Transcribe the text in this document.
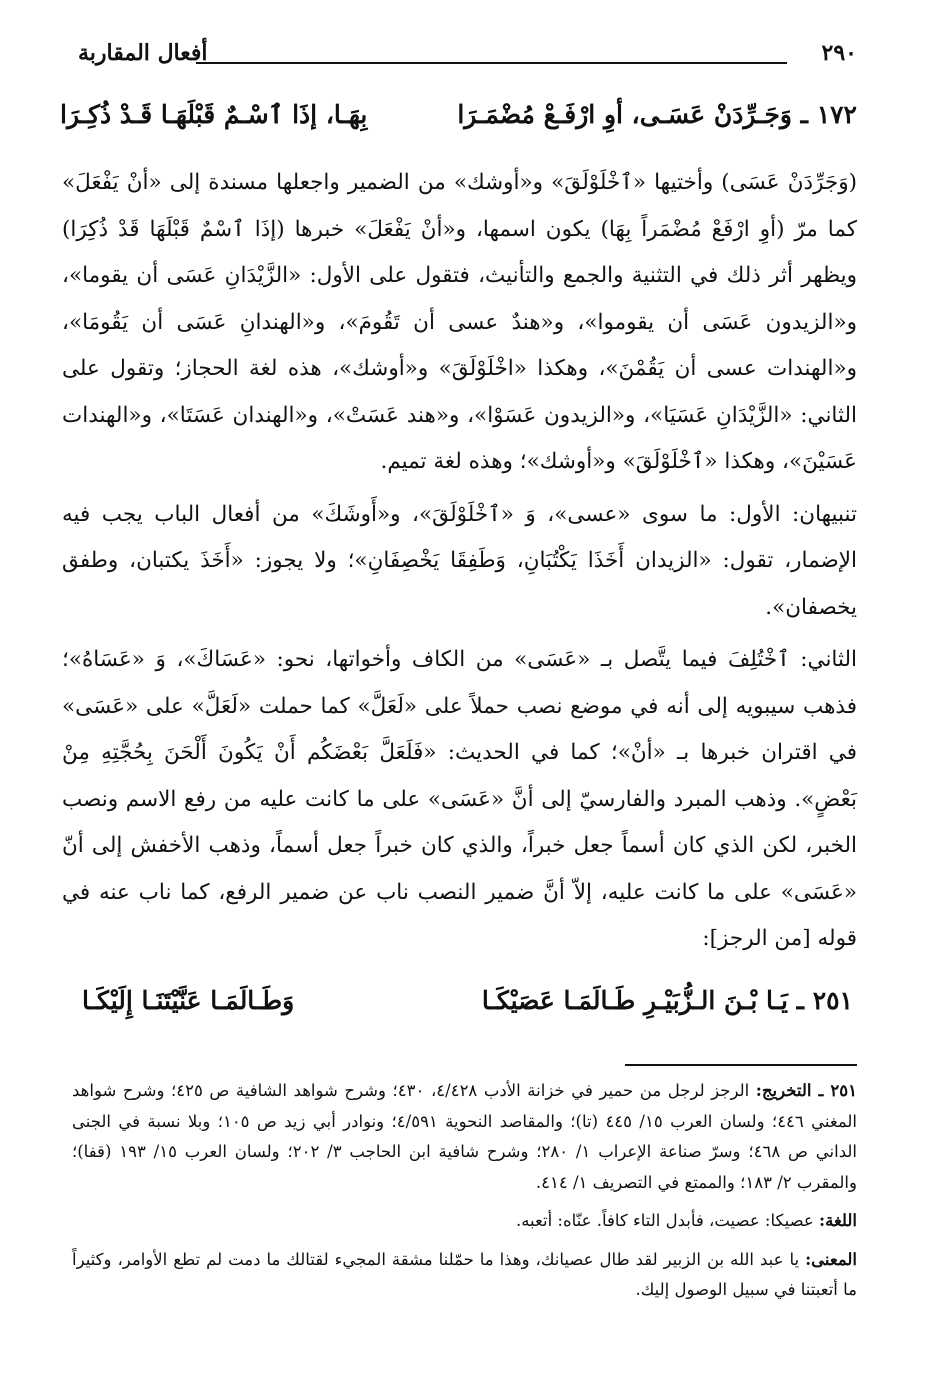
٢٩٠
أفعال المقاربة
١٧٢ ـ وَجَـرِّدَنْ عَسَـى، أوِ ارْفَـعْ مُضْمَـرَا
بِهَـا، إذَا ٱسْـمٌ قَبْلَهَـا قَـدْ ذُكِـرَا

(وَجَرِّدَنْ عَسَى) وأختيها «ٱخْلَوْلَقَ» و«أوشك» من الضمير واجعلها مسندة إلى «أنْ يَفْعَلَ» كما مرّ (أوِ ارْفَعْ مُضْمَراً بِهَا) يكون اسمها، و«أنْ يَفْعَلَ» خبرها (إذَا ٱسْمٌ قَبْلَهَا قَدْ ذُكِرَا) ويظهر أثر ذلك في التثنية والجمع والتأنيث، فتقول على الأول: «الزَّيْدَانِ عَسَى أن يقوما»، و«الزيدون عَسَى أن يقوموا»، و«هندٌ عسى أن تَقُومَ»، و«الهندانِ عَسَى أن يَقُومَا»، و«الهندات عسى أن يَقُمْنَ»، وهكذا «اخْلَوْلَقَ» و«أوشك»، هذه لغة الحجاز؛ وتقول على الثاني: «الزَّيْدَانِ عَسَيَا»، و«الزيدون عَسَوْا»، و«هند عَسَتْ»، و«الهندان عَسَتَا»، و«الهندات عَسَيْنَ»، وهكذا «ٱخْلَوْلَقَ» و«أوشك»؛ وهذه لغة تميم.

تنبيهان: الأول: ما سوى «عسى»، وَ «ٱخْلَوْلَقَ»، و«أَوشَكَ» من أفعال الباب يجب فيه الإضمار، تقول: «الزيدان أَخَذَا يَكْتُبَانِ، وَطَفِقَا يَخْصِفَانِ»؛ ولا يجوز: «أَخَذَ يكتبان، وطفق يخصفان».

الثاني: ٱخْتُلِفَ فيما يتَّصل بـ «عَسَى» من الكاف وأخواتها، نحو: «عَسَاكَ»، وَ «عَسَاهُ»؛ فذهب سيبويه إلى أنه في موضع نصب حملاً على «لَعَلَّ» كما حملت «لَعَلَّ» على «عَسَى» في اقتران خبرها بـ «أنْ»؛ كما في الحديث: «فَلَعَلَّ بَعْضَكُم أَنْ يَكُونَ أَلْحَنَ بِحُجَّتِهِ مِنْ بَعْضٍ». وذهب المبرد والفارسيّ إلى أنَّ «عَسَى» على ما كانت عليه من رفع الاسم ونصب الخبر، لكن الذي كان أسماً جعل خبراً، والذي كان خبراً جعل أسماً، وذهب الأخفش إلى أنّ «عَسَى» على ما كانت عليه، إلاّ أنَّ ضمير النصب ناب عن ضمير الرفع، كما ناب عنه في قوله [من الرجز]:

٢٥١ ـ يَـا بْـنَ الـزُّبَيْـرِ طَـالَمَـا عَصَيْكَـا
وَطَـالَمَـا عَنَّيْتَنَـا إِلَيْكَـا

٢٥١ ـ التخريج: الرجز لرجل من حمير في خزانة الأدب ٤/٤٢٨، ٤٣٠؛ وشرح شواهد الشافية ص ٤٢٥؛ وشرح شواهد المغني ٤٤٦؛ ولسان العرب ١٥/ ٤٤٥ (تا)؛ والمقاصد النحوية ٤/٥٩١؛ ونوادر أبي زيد ص ١٠٥؛ وبلا نسبة في الجنى الداني ص ٤٦٨؛ وسرّ صناعة الإعراب ١/ ٢٨٠؛ وشرح شافية ابن الحاجب ٣/ ٢٠٢؛ ولسان العرب ١٥/ ١٩٣ (قفا)؛ والمقرب ٢/ ١٨٣؛ والممتع في التصريف ١/ ٤١٤.

اللغة: عصيكا: عصيت، فأبدل التاء كافاً. عنّاه: أتعبه.

المعنى: يا عبد الله بن الزبير لقد طال عصيانك، وهذا ما حمّلنا مشقة المجيء لقتالك ما دمت لم تطع الأوامر، وكثيراً ما أتعبتنا في سبيل الوصول إليك.
